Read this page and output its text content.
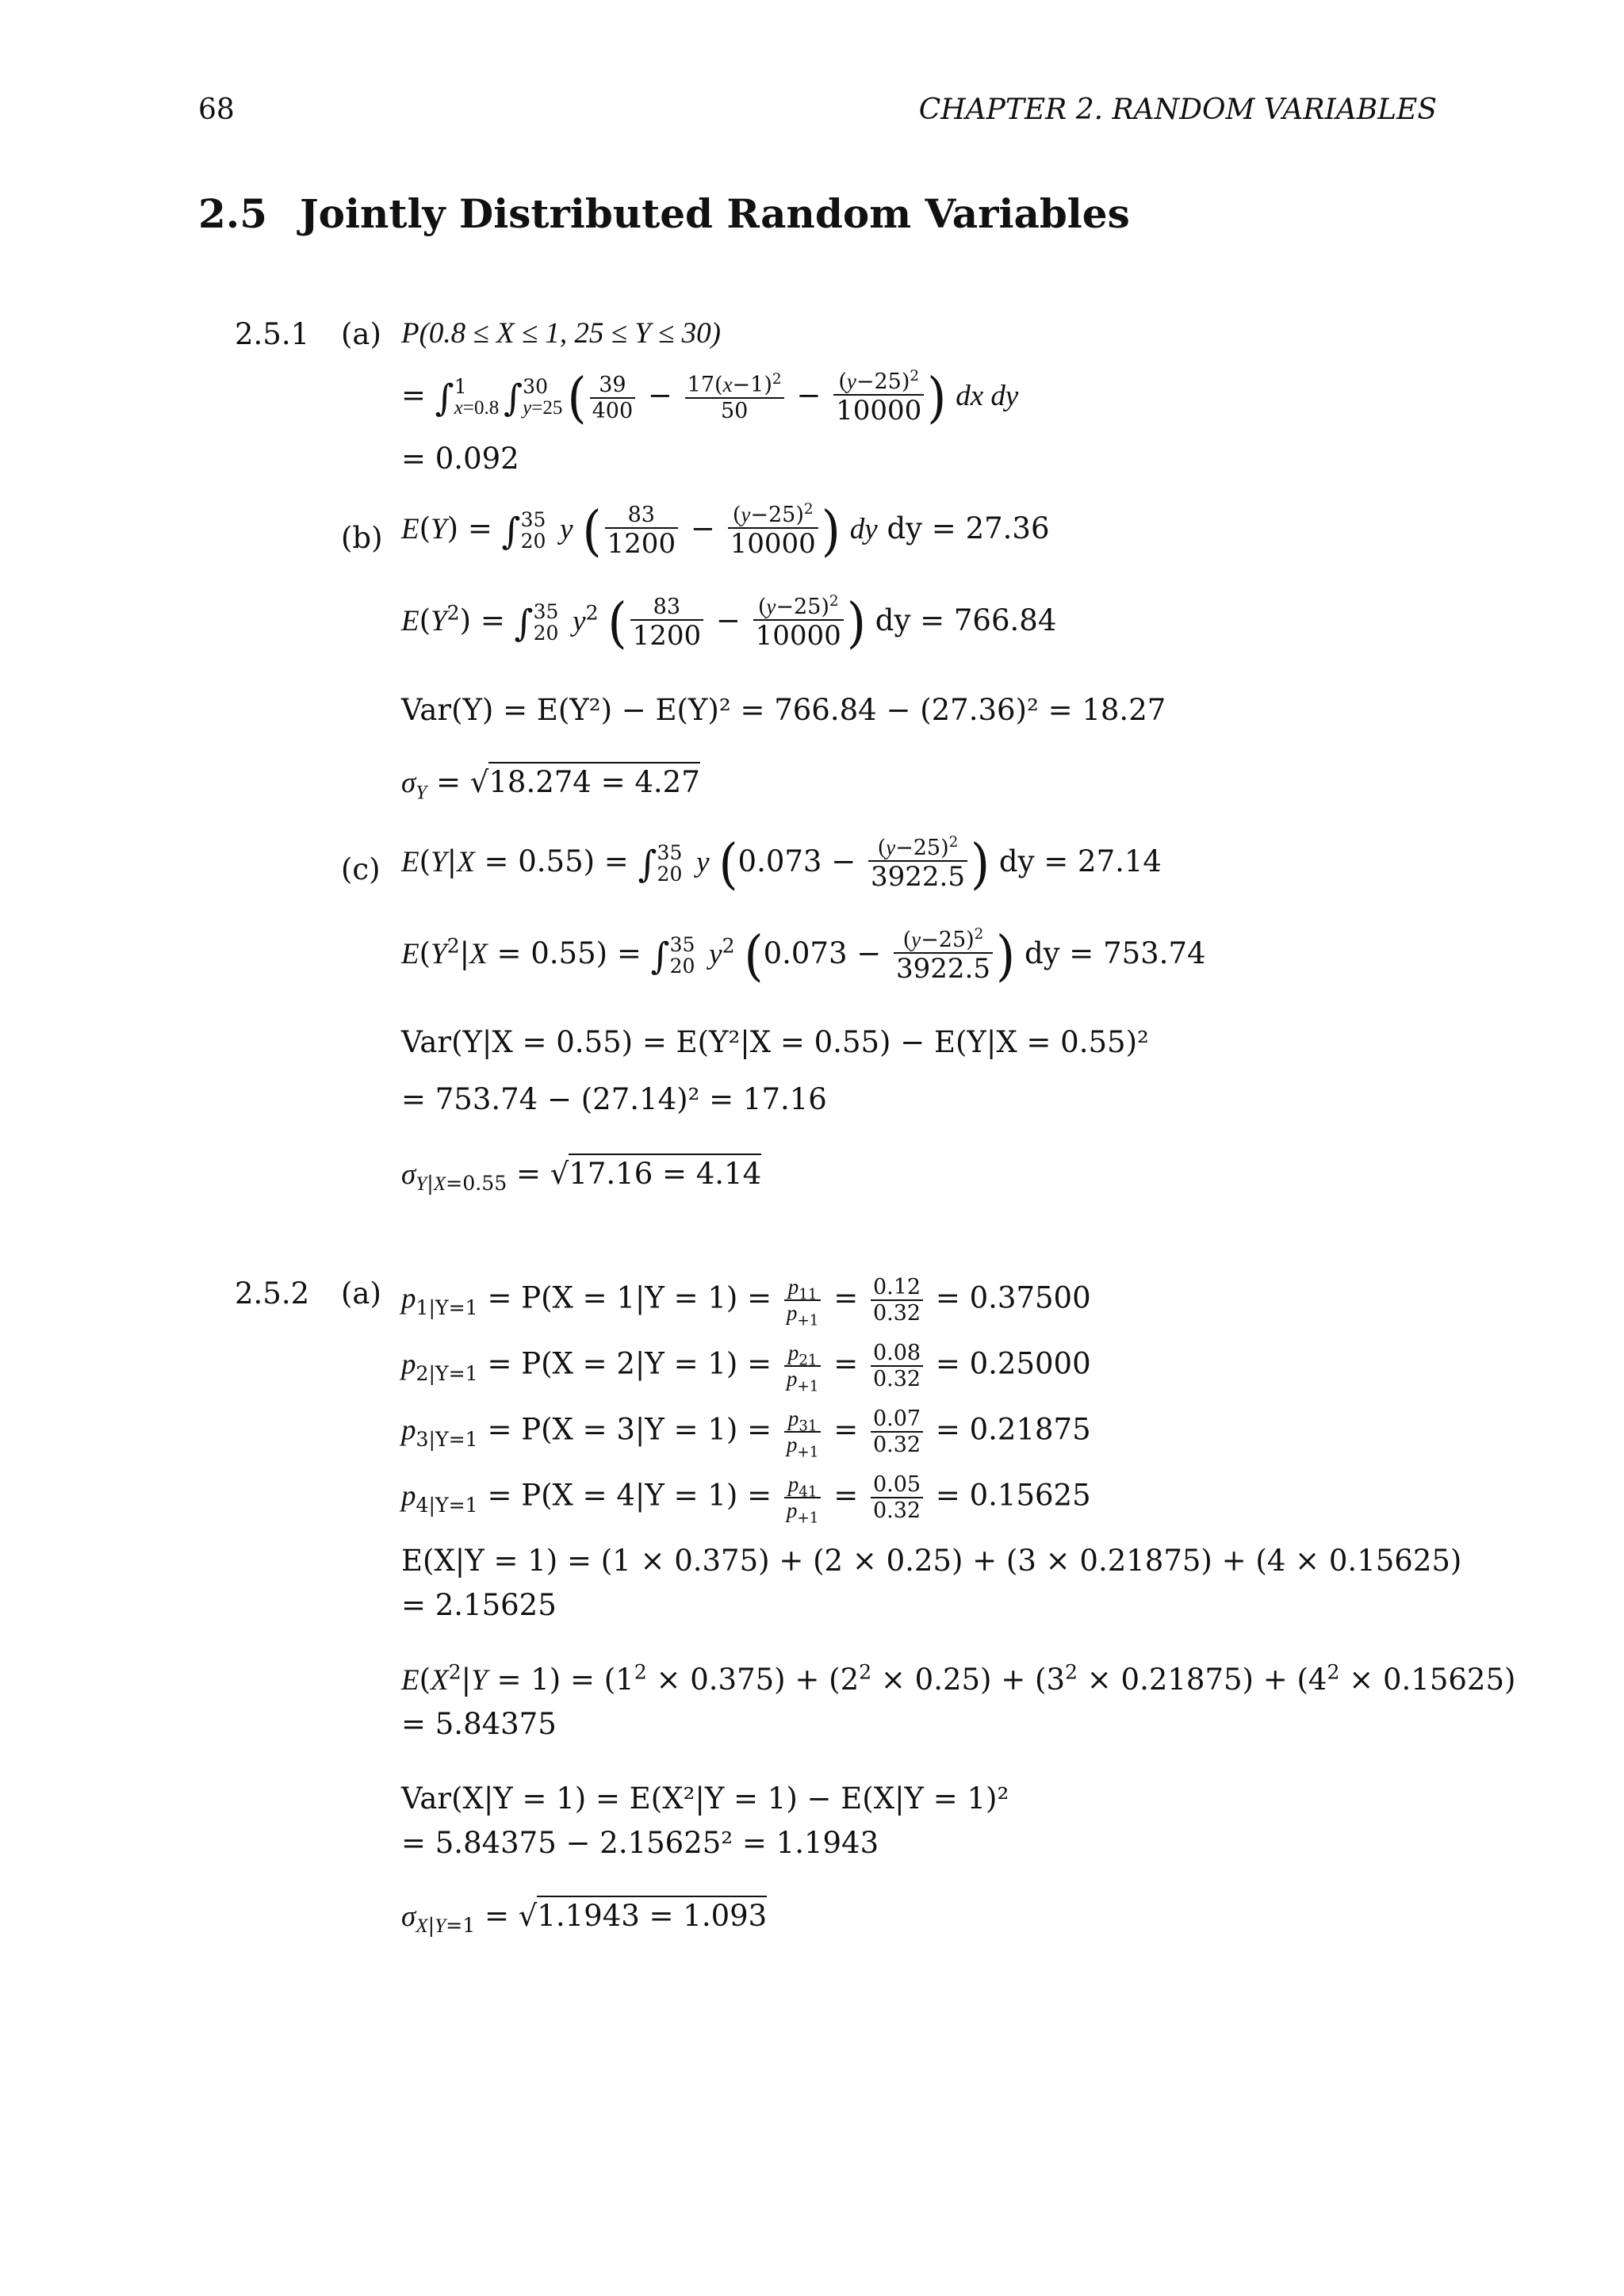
68	CHAPTER 2. RANDOM VARIABLES
2.5 Jointly Distributed Random Variables
2.5.1 (a) P(0.8 ≤ X ≤ 1, 25 ≤ Y ≤ 30)
= ∫ 1
x=0.8 ∫ 30
y=25 ( $\frac{39}{400} - \frac{17(x-1)^2}{50} - \frac{(y-25)^2}{10000}$ ) dx dy
= 0.092
(b) E(Y) = ∫ 35
20 y ( $\frac{83}{1200} - \frac{(y-25)^2}{10000}$ ) dy dy = 27.36
$E(Y^2)$ = ∫ 35
20 $y^2$ ( $\frac{83}{1200} - \frac{(y-25)^2}{10000}$ ) dy = 766.84
Var(Y) = E(Y²) − E(Y)² = 766.84 − (27.36)² = 18.27
$\sigma_Y = √18.274 = 4.27$
(c) E(Y|X = 0.55) = ∫ 35
20 y ($0.073 - \frac{(y-25)^2}{3922.5}$ ) dy = 27.14
$E(Y^2|X = 0.55)$ = ∫ 35
20 $y^2$ ($0.073 - \frac{(y-25)^2}{3922.5}$ ) dy = 753.74
Var(Y|X = 0.55) = E(Y²|X = 0.55) − E(Y|X = 0.55)²
= 753.74 − (27.14)² = 17.16
$\sigma_{Y|X=0.55} = √17.16 = 4.14$
2.5.2 (a) $p_{1|Y=1} = P(X = 1|Y = 1) = \frac{p_{11}}{p_{+1}} = \frac{0.12}{0.32} = 0.37500$
$p_{2|Y=1} = P(X = 2|Y = 1) = \frac{p_{21}}{p_{+1}} = \frac{0.08}{0.32} = 0.25000$
$p_{3|Y=1} = P(X = 3|Y = 1) = \frac{p_{31}}{p_{+1}} = \frac{0.07}{0.32} = 0.21875$
$p_{4|Y=1} = P(X = 4|Y = 1) = \frac{p_{41}}{p_{+1}} = \frac{0.05}{0.32} = 0.15625$
E(X|Y = 1) = (1 × 0.375) + (2 × 0.25) + (3 × 0.21875) + (4 × 0.15625)
= 2.15625
$E(X^2|Y = 1) = (1^2 \times 0.375) + (2^2 \times 0.25) + (3^2 \times 0.21875) + (4^2 \times 0.15625)$
= 5.84375
Var(X|Y = 1) = E(X²|Y = 1) − E(X|Y = 1)²
= 5.84375 − 2.15625² = 1.1943
$\sigma_{X|Y=1} = √1.1943 = 1.093$
